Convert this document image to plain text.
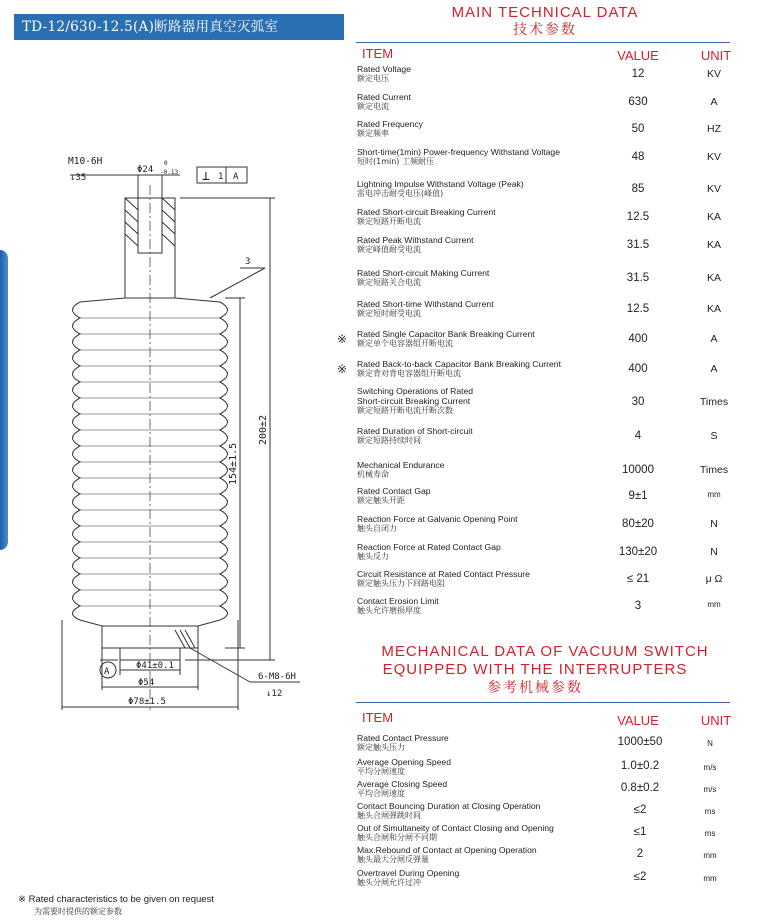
TD-12/630-12.5(A)断路器用真空灭弧室
M10-6H
↓35
Φ24
0
-0.13 ⊥ 1 A
3
154±1.5
200±2
A
Φ41±0.1
Φ54
Φ78±1.5
6-M8-6H
↓12
MAIN TECHNICAL DATA
技术参数
ITEM	VALUE	UNIT
Rated Voltage
额定电压	12	KV
Rated Current
额定电流	630	A
Rated Frequency
额定频率	50	HZ
Short-time(1min) Power-frequency Withstand Voltage
短时(1min) 工频耐压	48	KV
Lightning Impulse Withstand Voltage (Peak)
雷电冲击耐受电压(峰值)	85	KV
Rated Short-circuit Breaking Current
额定短路开断电流	12.5	KA
Rated Peak Withstand Current
额定峰值耐受电流	31.5	KA
Rated Short-circuit Making Current
额定短路关合电流	31.5	KA
Rated Short-time Withstand Current
额定短时耐受电流	12.5	KA
※ Rated Single Capacitor Bank Breaking Current
额定单个电容器组开断电流	400	A
※ Rated Back-to-back Capacitor Bank Breaking Current
额定背对背电容器组开断电流	400	A
Switching Operations of Rated
Short-circuit Breaking Current
额定短路开断电流开断次数
30	Times
Rated Duration of Short-circuit
额定短路持续时间	4	S
Mechanical Endurance
机械寿命	10000	Times
Rated Contact Gap
额定触头开距	9±1	mm
Reaction Force at Galvanic Opening Point
触头自闭力	80±20	N
Reaction Force at Rated Contact Gap
触头反力	130±20	N
Circuit Resistance at Rated Contact Pressure
额定触头压力下回路电阻	≤ 21	μ Ω
Contact Erosion Limit
触头允许磨损厚度	3	mm
MECHANICAL DATA OF VACUUM SWITCH
EQUIPPED WITH THE INTERRUPTERS
参考机械参数
ITEM	VALUE	UNIT
Rated Contact Pressure
额定触头压力	1000±50	N
Average Opening Speed
平均分闸速度	1.0±0.2	m/s
Average Closing Speed
平均合闸速度	0.8±0.2	m/s
Contact Bouncing Duration at Closing Operation
触头合闸弹跳时间	≤2	ms
Out of Simultaneity of Contact Closing and Opening
触头合闸和分闸不同期	≤1	ms
Max.Rebound of Contact at Opening Operation
触头最大分闸反弹量	2	mm
Overtravel During Opening
触头分闸允许过冲	≤2	mm
※ Rated characteristics to be given on request
为需要时提供的额定参数
